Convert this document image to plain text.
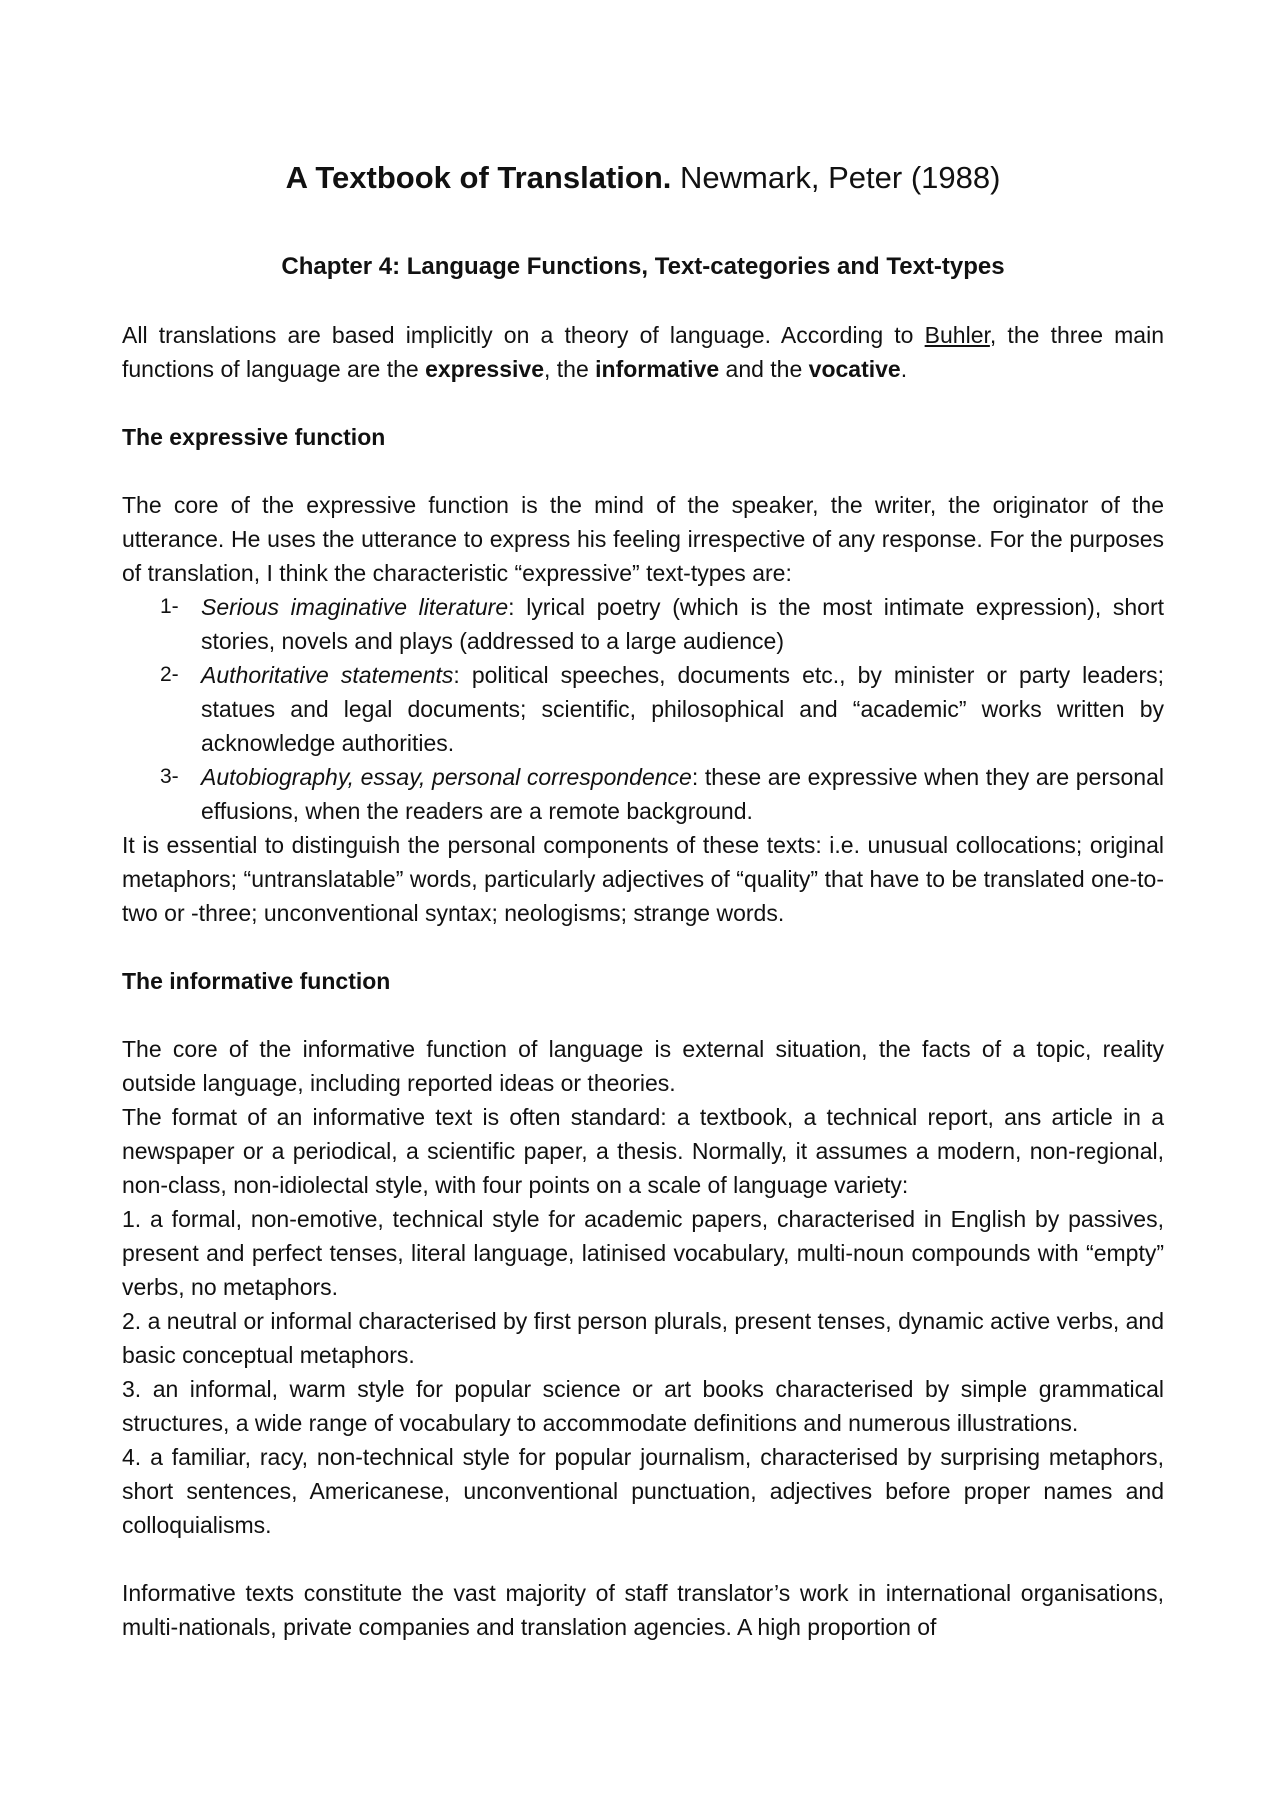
A Textbook of Translation. Newmark, Peter (1988)
Chapter 4: Language Functions, Text-categories and Text-types

All translations are based implicitly on a theory of language. According to Buhler, the three main functions of language are the expressive, the informative and the vocative.

The expressive function

The core of the expressive function is the mind of the speaker, the writer, the originator of the utterance. He uses the utterance to express his feeling irrespective of any response. For the purposes of translation, I think the characteristic “expressive” text-types are:

1- Serious imaginative literature: lyrical poetry (which is the most intimate expression), short stories, novels and plays (addressed to a large audience)
2- Authoritative statements: political speeches, documents etc., by minister or party leaders; statues and legal documents; scientific, philosophical and “academic” works written by acknowledge authorities.
3- Autobiography, essay, personal correspondence: these are expressive when they are personal effusions, when the readers are a remote background.

It is essential to distinguish the personal components of these texts: i.e. unusual collocations; original metaphors; “untranslatable” words, particularly adjectives of “quality” that have to be translated one-to-two or -three; unconventional syntax; neologisms; strange words.

The informative function

The core of the informative function of language is external situation, the facts of a topic, reality outside language, including reported ideas or theories.

The format of an informative text is often standard: a textbook, a technical report, ans article in a newspaper or a periodical, a scientific paper, a thesis. Normally, it assumes a modern, non-regional, non-class, non-idiolectal style, with four points on a scale of language variety:

1. a formal, non-emotive, technical style for academic papers, characterised in English by passives, present and perfect tenses, literal language, latinised vocabulary, multi-noun compounds with “empty” verbs, no metaphors.

2. a neutral or informal characterised by first person plurals, present tenses, dynamic active verbs, and basic conceptual metaphors.

3. an informal, warm style for popular science or art books characterised by simple grammatical structures, a wide range of vocabulary to accommodate definitions and numerous illustrations.

4. a familiar, racy, non-technical style for popular journalism, characterised by surprising metaphors, short sentences, Americanese, unconventional punctuation, adjectives before proper names and colloquialisms.

Informative texts constitute the vast majority of staff translator’s work in international organisations, multi-nationals, private companies and translation agencies. A high proportion of
